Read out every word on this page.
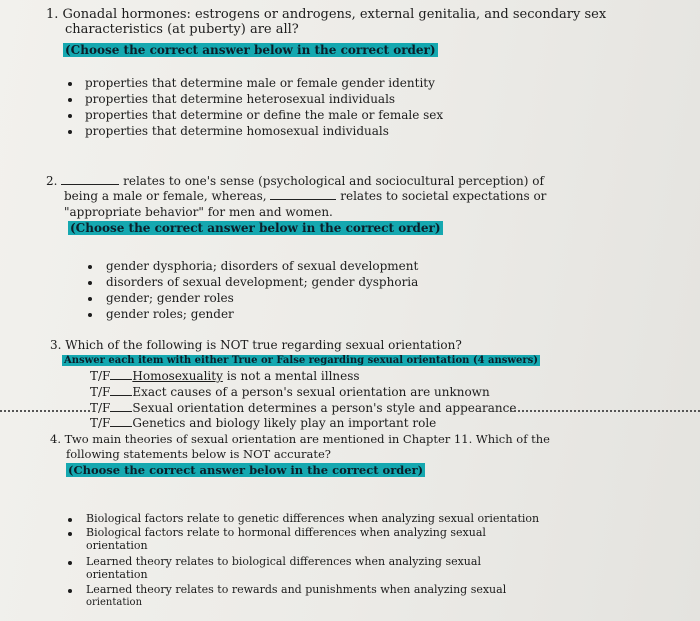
1. Gonadal hormones: estrogens or androgens, external genitalia, and secondary sex
characteristics (at puberty) are all?
(Choose the correct answer below in the correct order)
properties that determine male or female gender identity
properties that determine heterosexual individuals
properties that determine or define the male or female sex
properties that determine homosexual individuals
2.	relates to one's sense (psychological and sociocultural perception) of
being a male or female, whereas,	relates to societal expectations or
"appropriate behavior" for men and women.
(Choose the correct answer below in the correct order)
gender dysphoria; disorders of sexual development
disorders of sexual development; gender dysphoria
gender; gender roles
gender roles; gender
3. Which of the following is NOT true regarding sexual orientation?
Answer each item with either True or False regarding sexual orientation (4 answers)
T/F Homosexuality is not a mental illness
T/F Exact causes of a person's sexual orientation are unknown
T/F Sexual orientation determines a person's style and appearance
T/F Genetics and biology likely play an important role
4. Two main theories of sexual orientation are mentioned in Chapter 11. Which of the
following statements below is NOT accurate?
(Choose the correct answer below in the correct order)
Biological factors relate to genetic differences when analyzing sexual orientation
Biological factors relate to hormonal differences when analyzing sexual
orientation
Learned theory relates to biological differences when analyzing sexual
orientation
Learned theory relates to rewards and punishments when analyzing sexual
orientation
